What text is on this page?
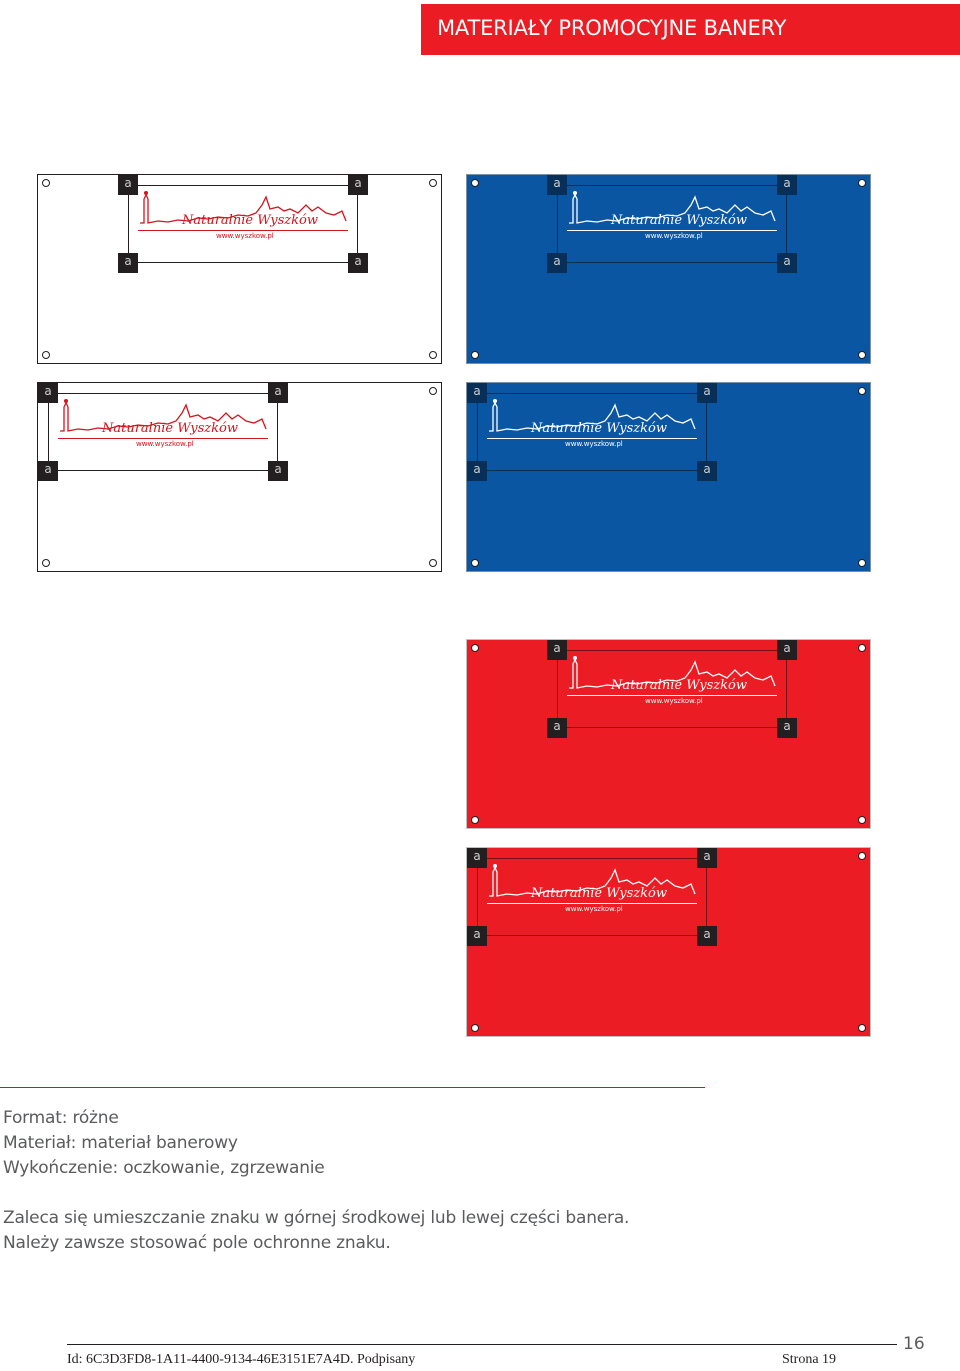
MATERIAŁY PROMOCYJNE BANERY
a	a
a	a
Naturalnie Wyszków
www.wyszkow.pl
a	a
a	a
Naturalnie Wyszków
www.wyszkow.pl
a	a
a	a
Naturalnie Wyszków
www.wyszkow.pl
a	a
a	a
Naturalnie Wyszków
www.wyszkow.pl
a	a
a	a
Naturalnie Wyszków
www.wyszkow.pl
a	a
a	a
Naturalnie Wyszków
www.wyszkow.pl
Format: różne
Materiał: materiał banerowy
Wykończenie: oczkowanie, zgrzewanie
Zaleca się umieszczanie znaku w górnej środkowej lub lewej części banera.
Należy zawsze stosować pole ochronne znaku.
Id: 6C3D3FD8-1A11-4400-9134-46E3151E7A4D. Podpisany	Strona 19
16
